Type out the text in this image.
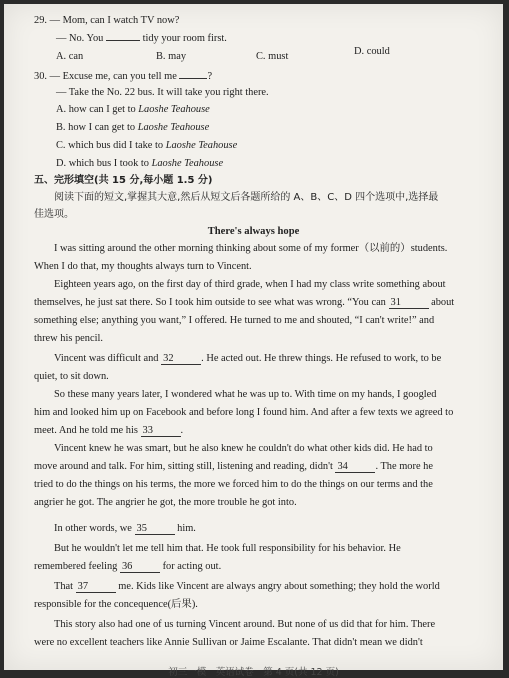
29. — Mom, can I watch TV now?
— No. You	tidy your room first.
A. can	B. may	C. must	D. could
30. — Excuse me, can you tell me	?
— Take the No. 22 bus. It will take you right there.
A. how can I get to Laoshe Teahouse
B. how I can get to Laoshe Teahouse
C. which bus did I take to Laoshe Teahouse
D. which bus I took to Laoshe Teahouse
五、完形填空(共 15 分,每小题 1.5 分)
阅读下面的短文,掌握其大意,然后从短文后各题所给的 A、B、C、D 四个选项中,选择最
佳选项。
There's always hope
I was sitting around the other morning thinking about some of my former（以前的）students.
When I do that, my thoughts always turn to Vincent.
Eighteen years ago, on the first day of third grade, when I had my class write something about
themselves, he just sat there. So I took him outside to see what was wrong. “You can 31	about
something else; anything you want,” I offered. He turned to me and shouted, “I can't write!” and
threw his pencil.
Vincent was difficult and 32	. He acted out. He threw things. He refused to work, to be
quiet, to sit down.
So these many years later, I wondered what he was up to. With time on my hands, I googled
him and looked him up on Facebook and before long I found him. And after a few texts we agreed to
meet. And he told me his 33	.
Vincent knew he was smart, but he also knew he couldn't do what other kids did. He had to
move around and talk. For him, sitting still, listening and reading, didn't 34	. The more he
tried to do the things on his terms, the more we forced him to do the things on our terms and the
angrier he got. The angrier he got, the more trouble he got into.
In other words, we 35	him.
But he wouldn't let me tell him that. He took full responsibility for his behavior. He
remembered feeling 36	for acting out.
That 37	me. Kids like Vincent are always angry about something; they hold the world
responsible for the concequence(后果).
This story also had one of us turning Vincent around. But none of us did that for him. There
were no excellent teachers like Annie Sullivan or Jaime Escalante. That didn't mean we didn't
初三一模　英语试卷　第 4 页(共 12 页)
